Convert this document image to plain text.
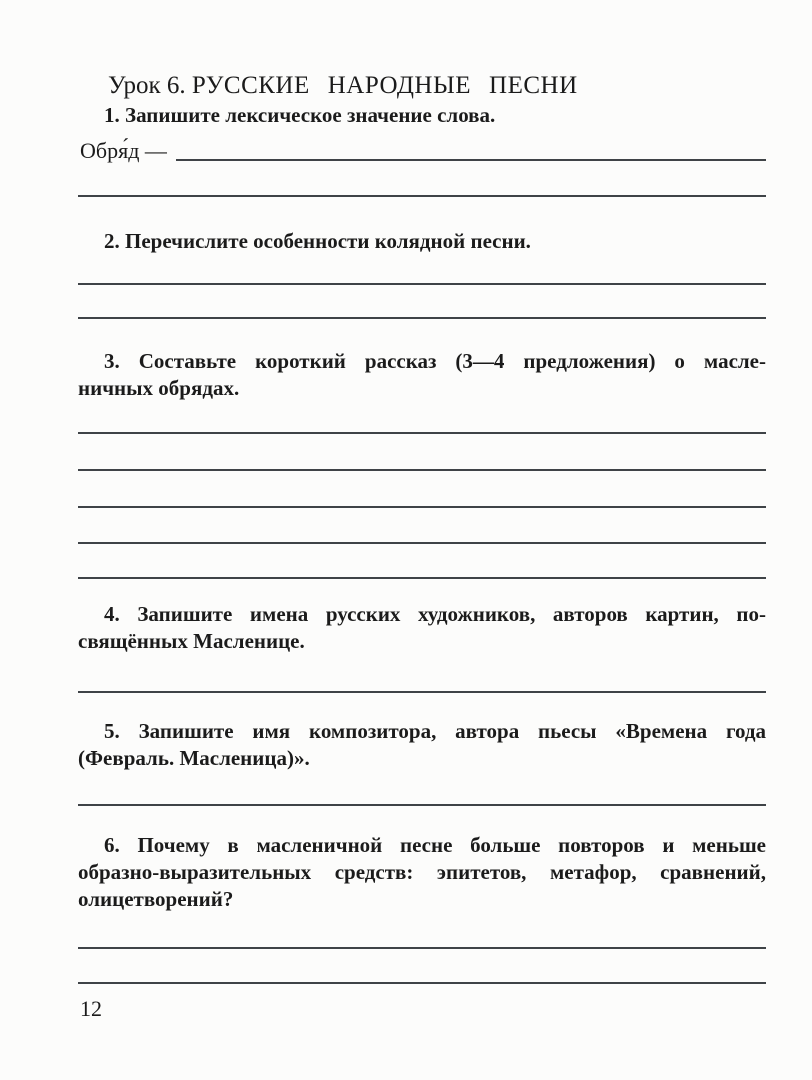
Урок 6. РУССКИЕ НАРОДНЫЕ ПЕСНИ
1. Запишите лексическое значение слова.
Обря́д —
2. Перечислите особенности колядной песни.
3. Составьте короткий рассказ (3—4 предложения) о масле-
ничных обрядах.
4. Запишите имена русских художников, авторов картин, по-
свящённых Масленице.
5. Запишите имя композитора, автора пьесы «Времена года
(Февраль. Масленица)».
6. Почему в масленичной песне больше повторов и меньше
образно-выразительных средств: эпитетов, метафор, сравнений,
олицетворений?
12
